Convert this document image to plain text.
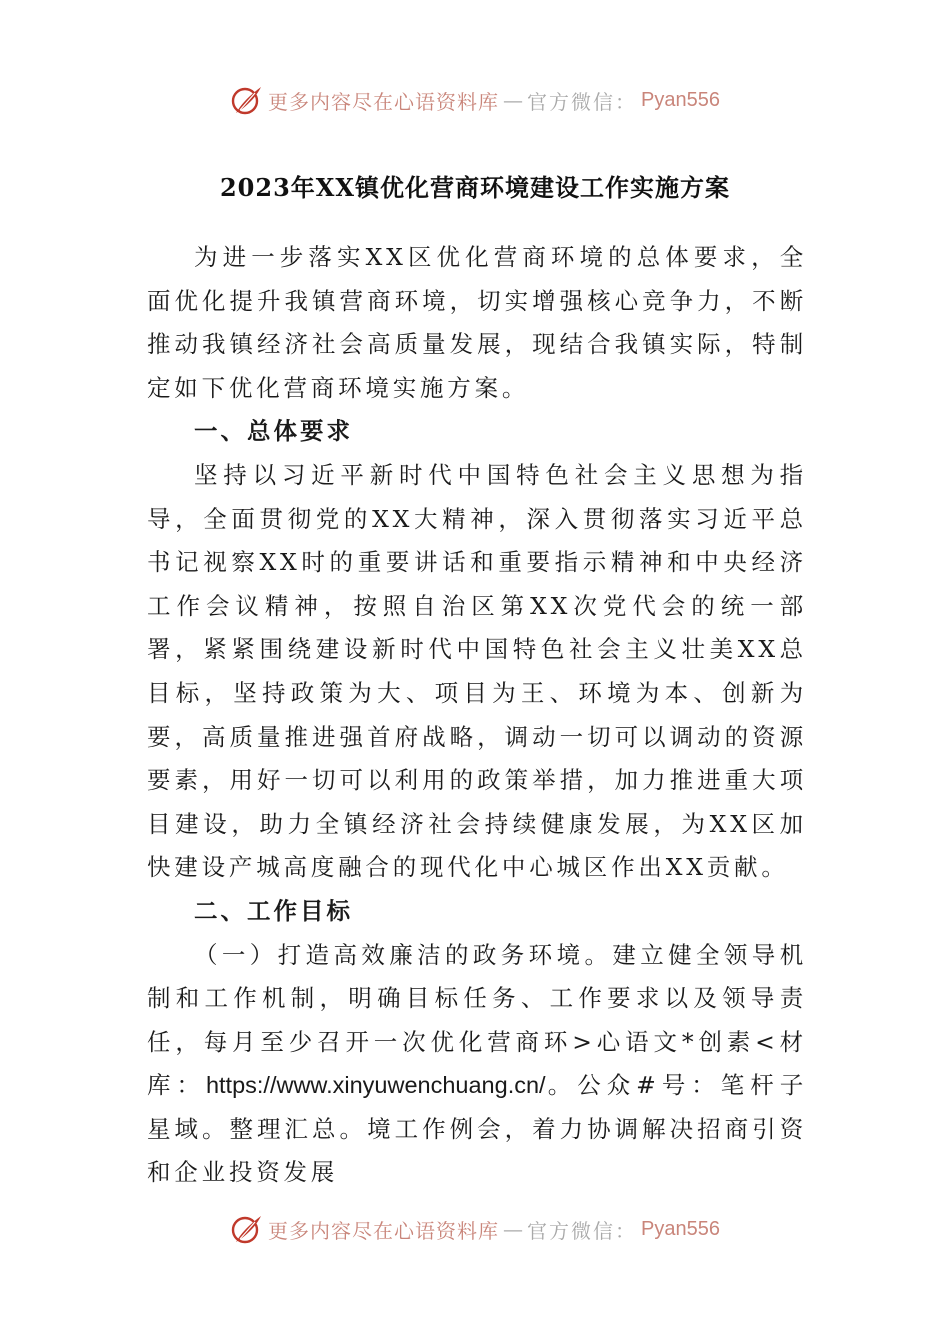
更多内容尽在心语资料库 — 官方微信： Pyan556
2023年XX镇优化营商环境建设工作实施方案

为进一步落实XX区优化营商环境的总体要求，全面优化提升我镇营商环境，切实增强核心竞争力，不断推动我镇经济社会高质量发展，现结合我镇实际，特制定如下优化营商环境实施方案。

一、总体要求

坚持以习近平新时代中国特色社会主义思想为指导，全面贯彻党的XX大精神，深入贯彻落实习近平总书记视察XX时的重要讲话和重要指示精神和中央经济工作会议精神，按照自治区第XX次党代会的统一部署，紧紧围绕建设新时代中国特色社会主义壮美XX总目标，坚持政策为大、项目为王、环境为本、创新为要，高质量推进强首府战略，调动一切可以调动的资源要素，用好一切可以利用的政策举措，加力推进重大项目建设，助力全镇经济社会持续健康发展，为XX区加快建设产城高度融合的现代化中心城区作出XX贡献。

二、工作目标

（一）打造高效廉洁的政务环境。建立健全领导机制和工作机制，明确目标任务、工作要求以及领导责任，每月至少召开一次优化营商环>心语文*创素<材库：https://www.xinyuwenchuang.cn/。公众#号：笔杆子星域。整理汇总。境工作例会，着力协调解决招商引资和企业投资发展

更多内容尽在心语资料库 — 官方微信： Pyan556
